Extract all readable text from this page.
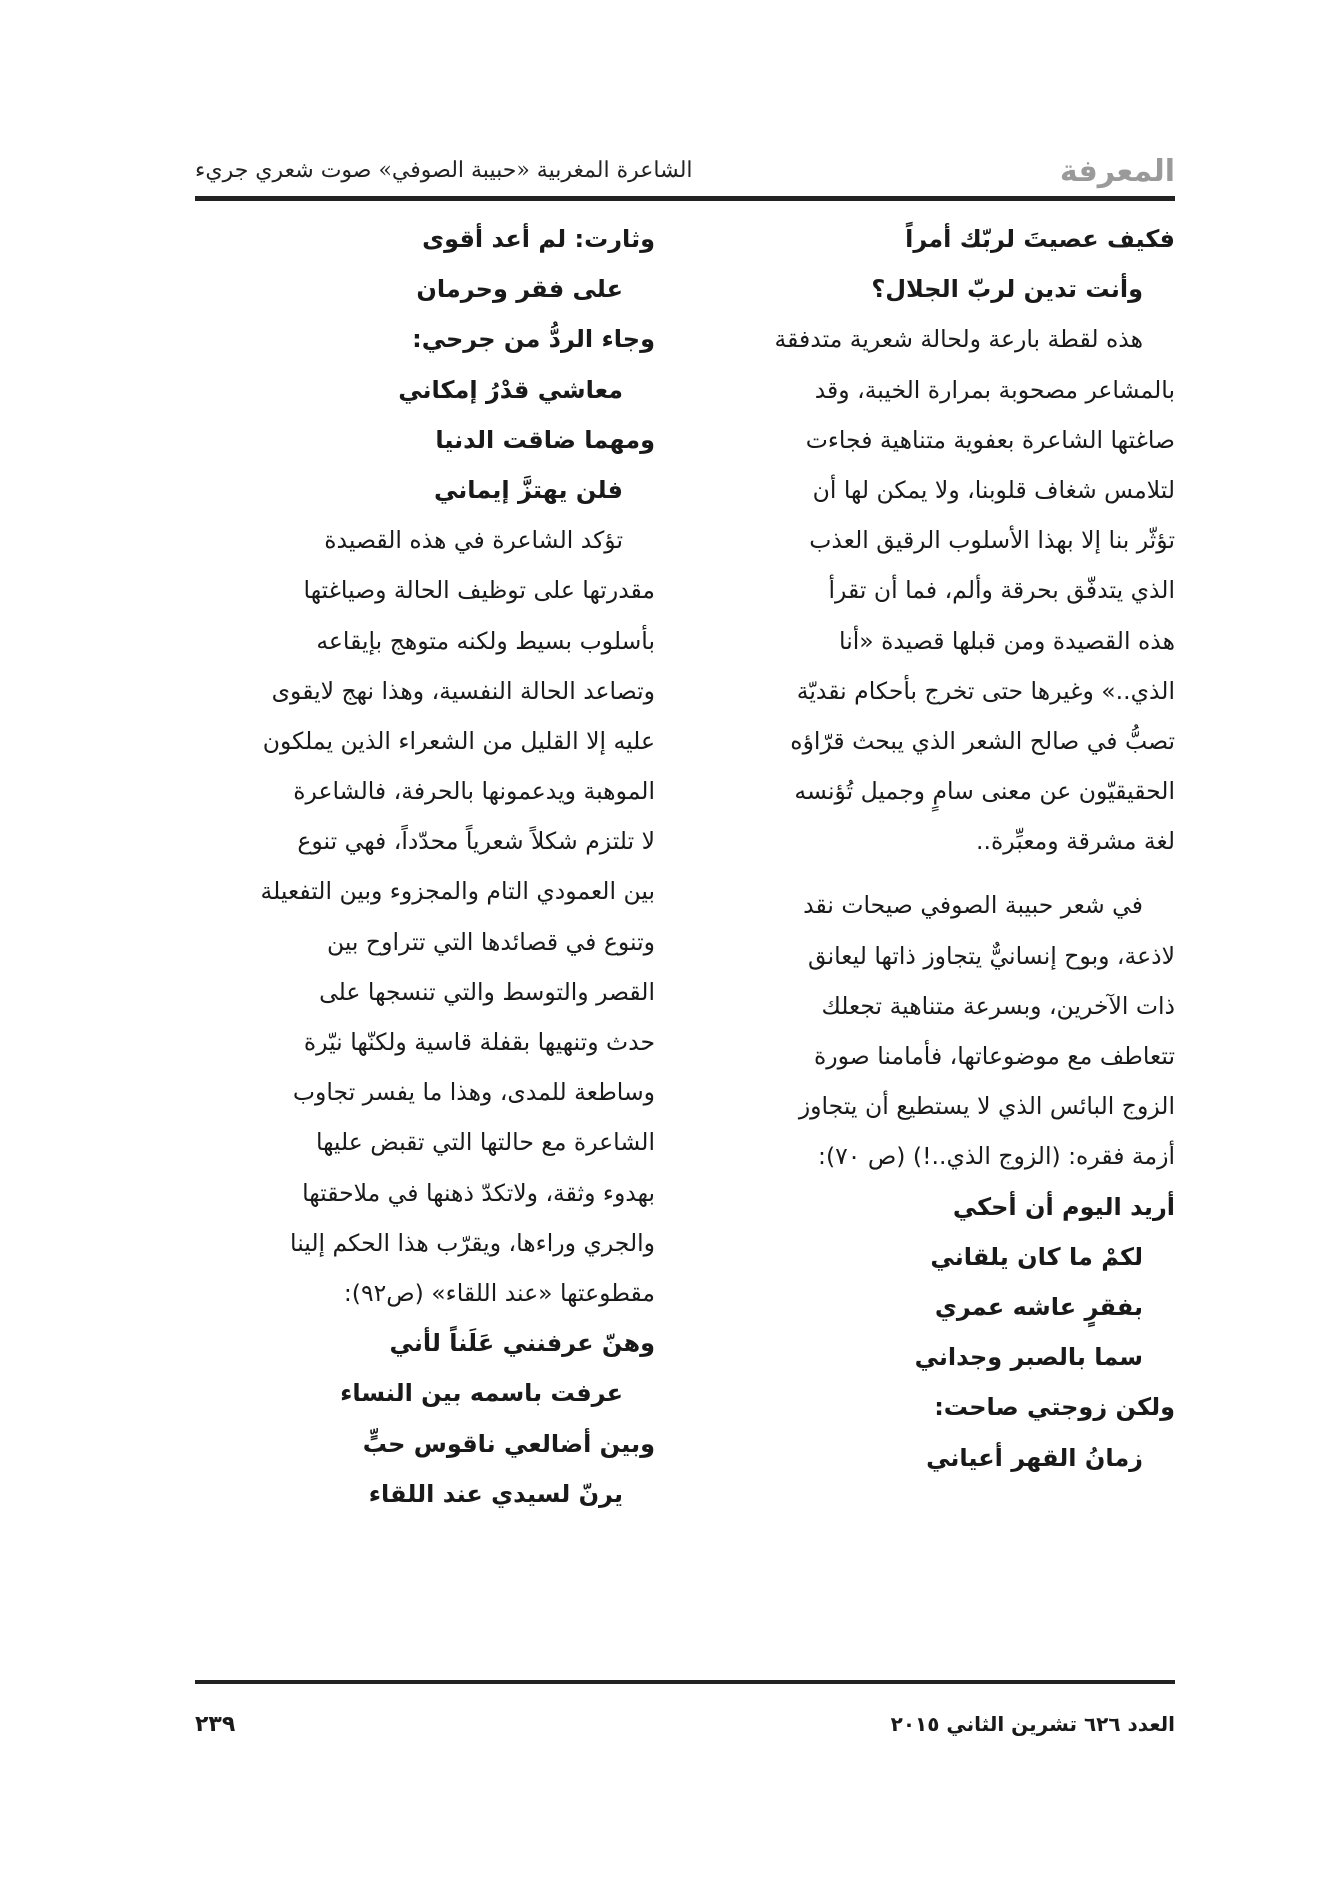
المعرفة
الشاعرة المغربية «حبيبة الصوفي» صوت شعري جريء
فكيف عصيتَ لربّك أمراً
وأنت تدين لربّ الجلال؟
هذه لقطة بارعة ولحالة شعرية متدفقة
بالمشاعر مصحوبة بمرارة الخيبة، وقد
صاغتها الشاعرة بعفوية متناهية فجاءت
لتلامس شغاف قلوبنا، ولا يمكن لها أن
تؤثّر بنا إلا بهذا الأسلوب الرقيق العذب
الذي يتدفّق بحرقة وألم، فما أن تقرأ
هذه القصيدة ومن قبلها قصيدة «أنا
الذي..» وغيرها حتى تخرج بأحكام نقديّة
تصبُّ في صالح الشعر الذي يبحث قرّاؤه
الحقيقيّون عن معنى سامٍ وجميل تُؤنسه
لغة مشرقة ومعبِّرة..
في شعر حبيبة الصوفي صيحات نقد
لاذعة، وبوح إنسانيٌّ يتجاوز ذاتها ليعانق
ذات الآخرين، وبسرعة متناهية تجعلك
تتعاطف مع موضوعاتها، فأمامنا صورة
الزوج البائس الذي لا يستطيع أن يتجاوز
أزمة فقره: (الزوج الذي..!) (ص ٧٠):
أريد اليوم أن أحكي
لكمْ ما كان يلقاني
بفقرٍ عاشه عمري
سما بالصبر وجداني
ولكن زوجتي صاحت:
زمانُ القهر أعياني
وثارت: لم أعد أقوى
على فقر وحرمان
وجاء الردُّ من جرحي:
معاشي قدْرُ إمكاني
ومهما ضاقت الدنيا
فلن يهتزَّ إيماني
تؤكد الشاعرة في هذه القصيدة
مقدرتها على توظيف الحالة وصياغتها
بأسلوب بسيط ولكنه متوهج بإيقاعه
وتصاعد الحالة النفسية، وهذا نهج لايقوى
عليه إلا القليل من الشعراء الذين يملكون
الموهبة ويدعمونها بالحرفة، فالشاعرة
لا تلتزم شكلاً شعرياً محدّداً، فهي تنوع
بين العمودي التام والمجزوء وبين التفعيلة
وتنوع في قصائدها التي تتراوح بين
القصر والتوسط والتي تنسجها على
حدث وتنهيها بقفلة قاسية ولكنّها نيّرة
وساطعة للمدى، وهذا ما يفسر تجاوب
الشاعرة مع حالتها التي تقبض عليها
بهدوء وثقة، ولاتكدّ ذهنها في ملاحقتها
والجري وراءها، ويقرّب هذا الحكم إلينا
مقطوعتها «عند اللقاء» (ص٩٢):
وهنّ عرفنني عَلَناً لأني
عرفت باسمه بين النساء
وبين أضالعي ناقوس حبٍّ
يرنّ لسيدي عند اللقاء
العدد ٦٢٦ تشرين الثاني ٢٠١٥
٢٣٩
